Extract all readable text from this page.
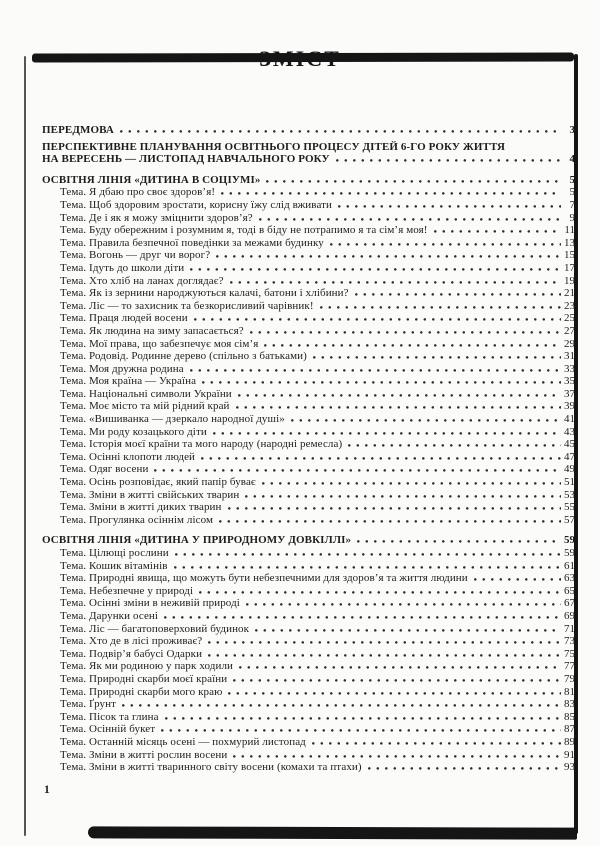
ПЕРЕДМОВА	3
ПЕРСПЕКТИВНЕ ПЛАНУВАННЯ ОСВІТНЬОГО ПРОЦЕСУ ДІТЕЙ 6-ГО РОКУ ЖИТТЯ
НА ВЕРЕСЕНЬ — ЛИСТОПАД НАВЧАЛЬНОГО РОКУ	4
ОСВІТНЯ ЛІНІЯ «ДИТИНА В СОЦІУМІ»	5
Тема. Я дбаю про своє здоров’я!	5
Тема. Щоб здоровим зростати, корисну їжу слід вживати	7
Тема. Де і як я можу зміцнити здоров’я?	9
Тема. Буду обережним і розумним я, тоді в біду не потрапимо я та сім’я моя!	11
Тема. Правила безпечної поведінки за межами будинку	13
Тема. Вогонь — друг чи ворог?	15
Тема. Ідуть до школи діти	17
Тема. Хто хліб на ланах доглядає?	19
Тема. Як із зернини народжуються калачі, батони і хлібини?	21
Тема. Ліс — то захисник та безкорисливий чарівник!	23
Тема. Праця людей восени	25
Тема. Як людина на зиму запасається?	27
Тема. Мої права, що забезпечує моя сім’я	29
Тема. Родовід. Родинне дерево (спільно з батьками)	31
Тема. Моя дружна родина	33
Тема. Моя країна — Україна	35
Тема. Національні символи України	37
Тема. Моє місто та мій рідний край	39
Тема. «Вишиванка — дзеркало народної душі»	41
Тема. Ми роду козацького діти	43
Тема. Історія моєї країни та мого народу (народні ремесла)	45
Тема. Осінні клопоти людей	47
Тема. Одяг восени	49
Тема. Осінь розповідає, який папір буває	51
Тема. Зміни в житті свійських тварин	53
Тема. Зміни в житті диких тварин	55
Тема. Прогулянка осіннім лісом	57
ОСВІТНЯ ЛІНІЯ «ДИТИНА У ПРИРОДНОМУ ДОВКІЛЛІ»	59
Тема. Цілющі рослини	59
Тема. Кошик вітамінів	61
Тема. Природні явища, що можуть бути небезпечними для здоров’я та життя людини	63
Тема. Небезпечне у природі	65
Тема. Осінні зміни в неживій природі	67
Тема. Дарунки осені	69
Тема. Ліс — багатоповерховий будинок	71
Тема. Хто де в лісі проживає?	73
Тема. Подвір’я бабусі Одарки	75
Тема. Як ми родиною у парк ходили	77
Тема. Природні скарби моєї країни	79
Тема. Природні скарби мого краю	81
Тема. Ґрунт	83
Тема. Пісок та глина	85
Тема. Осінній букет	87
Тема. Останній місяць осені — похмурий листопад	89
Тема. Зміни в житті рослин восени	91
Тема. Зміни в житті тваринного світу восени (комахи та птахи)	93
1
